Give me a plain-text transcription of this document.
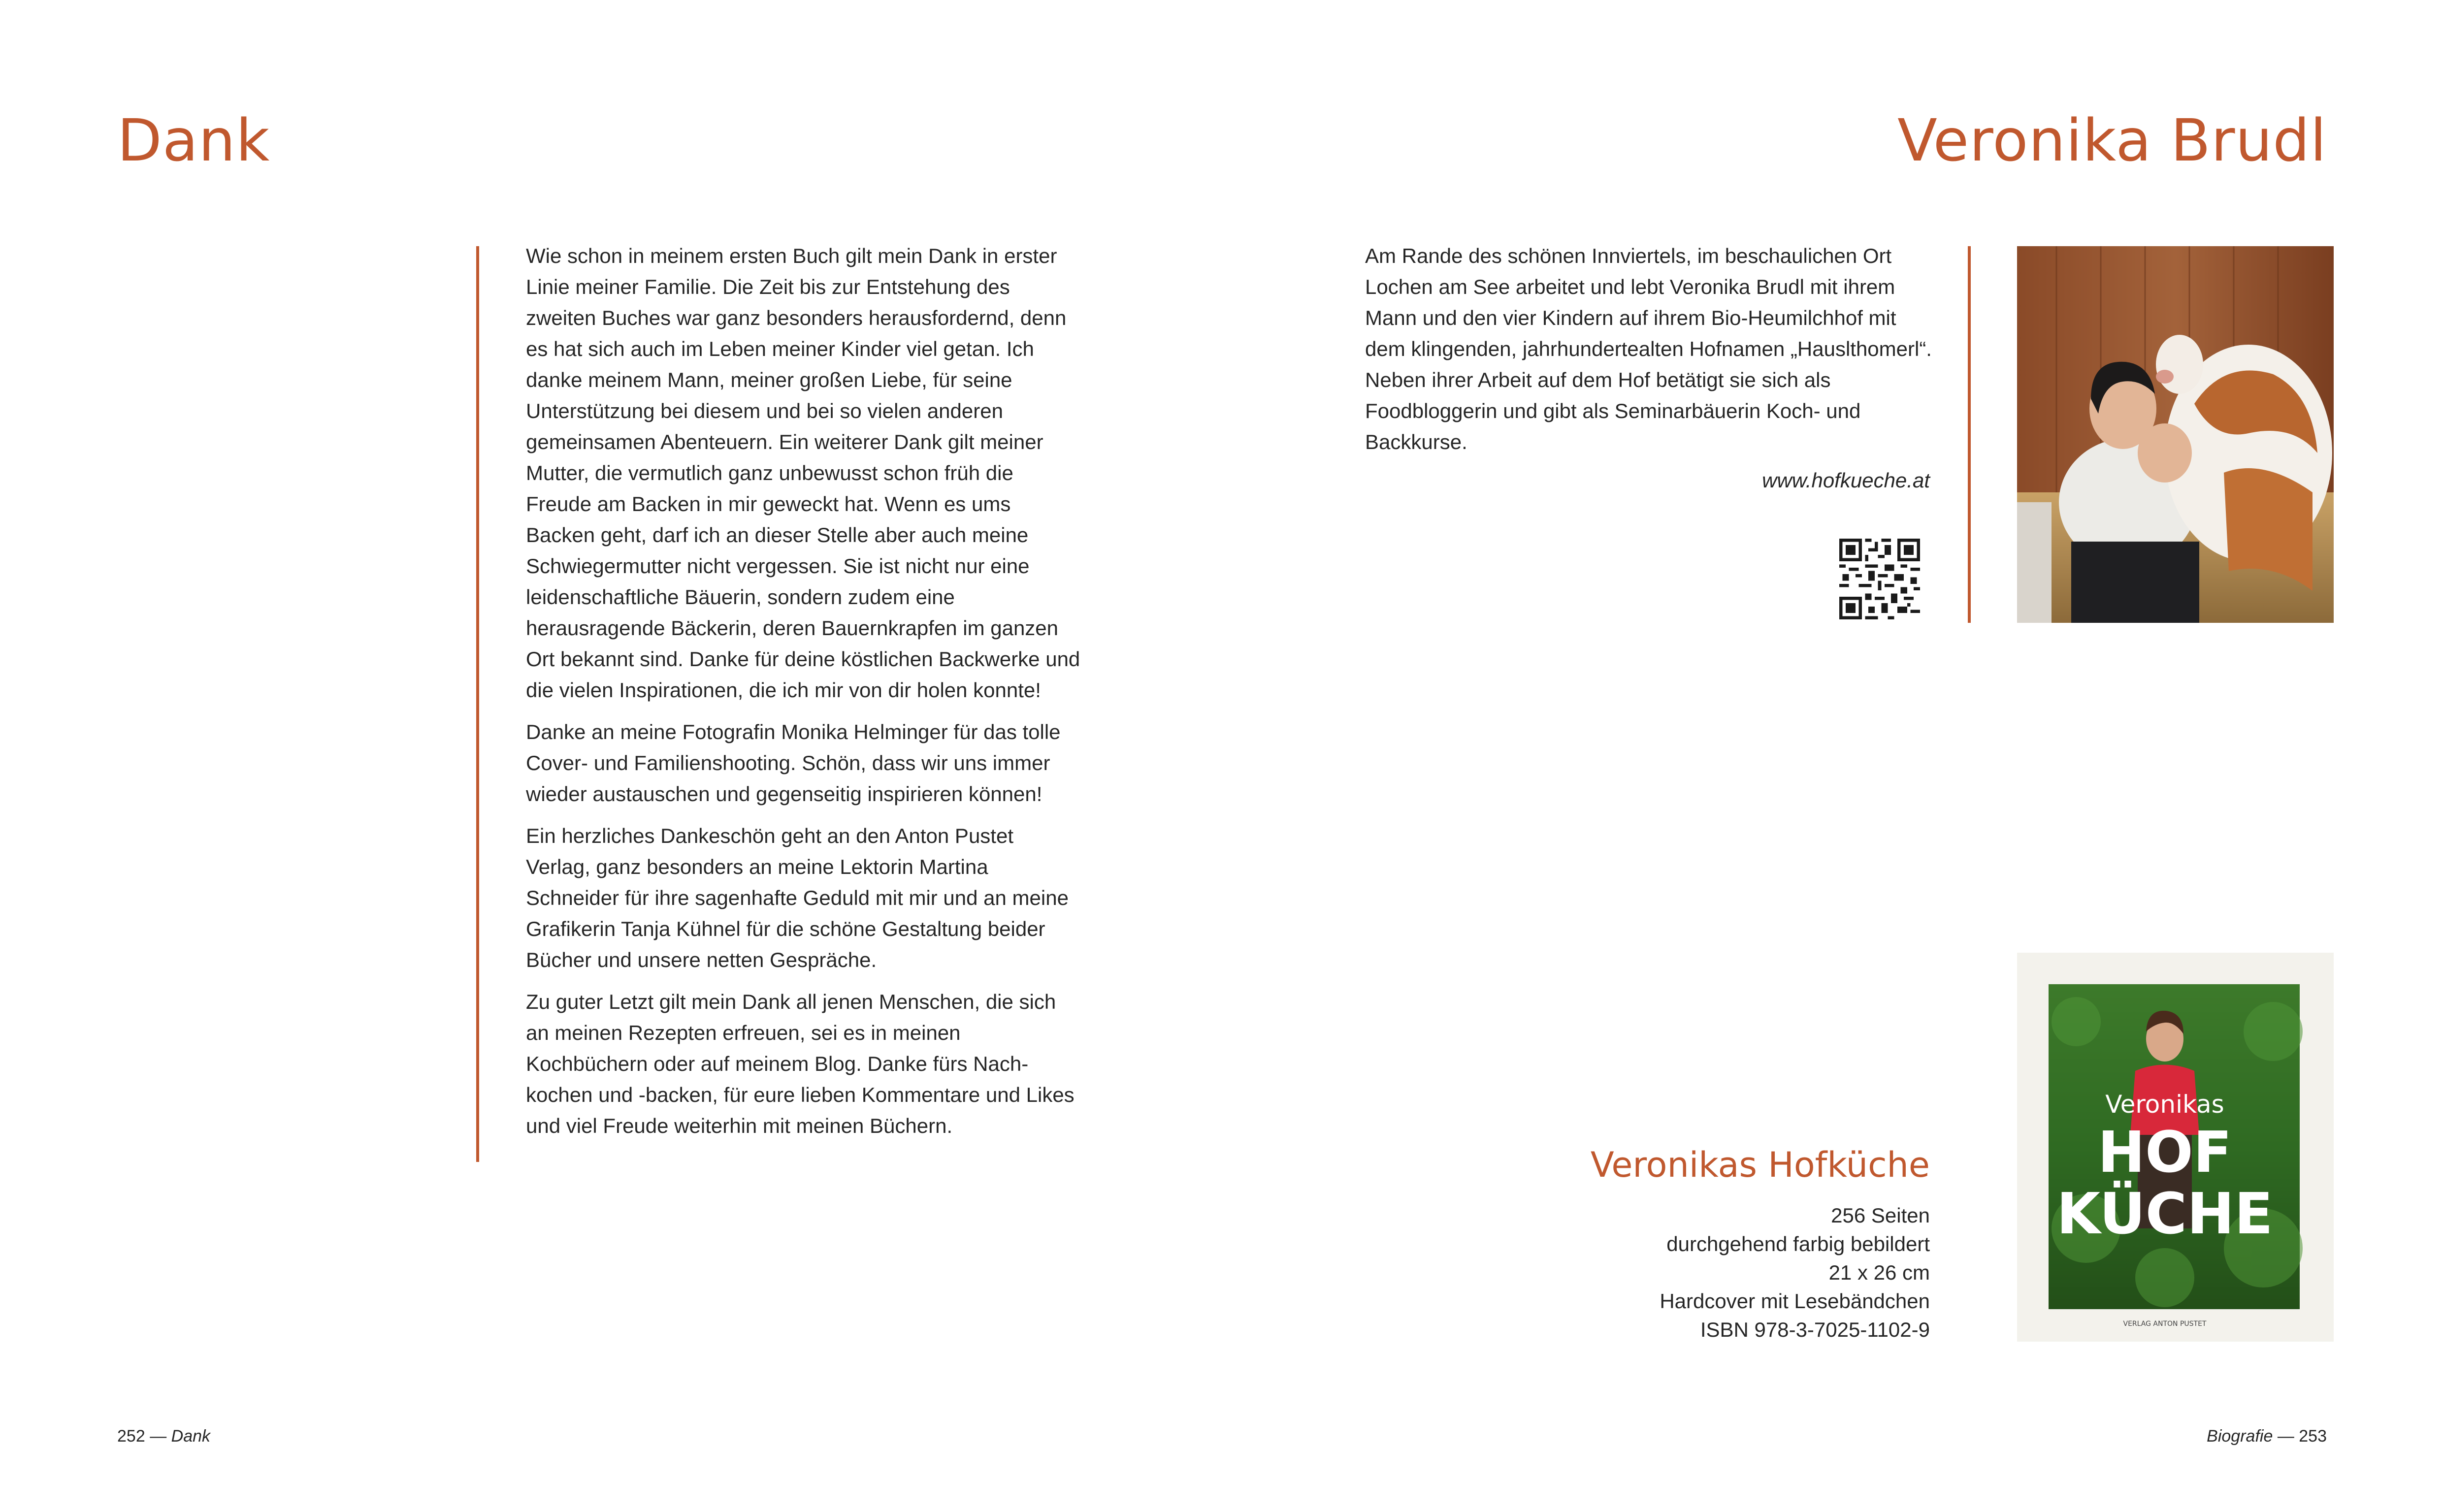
Dank	Veronika Brudl

Wie schon in meinem ersten Buch gilt mein Dank in erster Linie meiner Familie. Die Zeit bis zur Entstehung des zweiten Buches war ganz besonders herausfordernd, denn es hat sich auch im Leben meiner Kinder viel getan. Ich danke meinem Mann, meiner großen Liebe, für seine Unterstützung bei diesem und bei so vielen anderen gemeinsamen Abenteuern. Ein weiterer Dank gilt meiner Mutter, die vermutlich ganz unbewusst schon früh die Freude am Backen in mir geweckt hat. Wenn es ums Backen geht, darf ich an dieser Stelle aber auch meine Schwiegermutter nicht vergessen. Sie ist nicht nur eine leidenschaftliche Bäuerin, sondern zudem eine herausragende Bäckerin, deren Bauernkrapfen im ganzen Ort bekannt sind. Danke für deine köstlichen Backwerke und die vielen Inspirationen, die ich mir von dir holen konnte!

Danke an meine Fotografin Monika Helminger für das tolle Cover- und Familienshooting. Schön, dass wir uns immer wieder austauschen und gegenseitig inspirieren können!

Ein herzliches Dankeschön geht an den Anton Pustet Verlag, ganz besonders an meine Lektorin Martina Schneider für ihre sagenhafte Geduld mit mir und an meine Grafikerin Tanja Kühnel für die schöne Gestaltung beider Bücher und unsere netten Gespräche.

Zu guter Letzt gilt mein Dank all jenen Menschen, die sich an meinen Rezepten erfreuen, sei es in meinen Kochbüchern oder auf meinem Blog. Danke fürs Nachkochen und -backen, für eure lieben Kommentare und Likes und viel Freude weiterhin mit meinen Büchern.

Am Rande des schönen Innviertels, im beschaulichen Ort Lochen am See arbeitet und lebt Veronika Brudl mit ihrem Mann und den vier Kindern auf ihrem Bio-Heumilchhof mit dem klingenden, jahrhundertealten Hofnamen „Hauslthomerl“. Neben ihrer Arbeit auf dem Hof betätigt sie sich als Foodbloggerin und gibt als Seminarbäuerin Koch- und Backkurse.

www.hofkueche.at
Veronikas Hofküche
256 Seiten
durchgehend farbig bebildert
21 x 26 cm
Hardcover mit Lesebändchen
ISBN 978-3-7025-1102-9
Veronikas
HOF
KÜCHE
VERLAG ANTON PUSTET
252 — Dank	Biografie — 253
